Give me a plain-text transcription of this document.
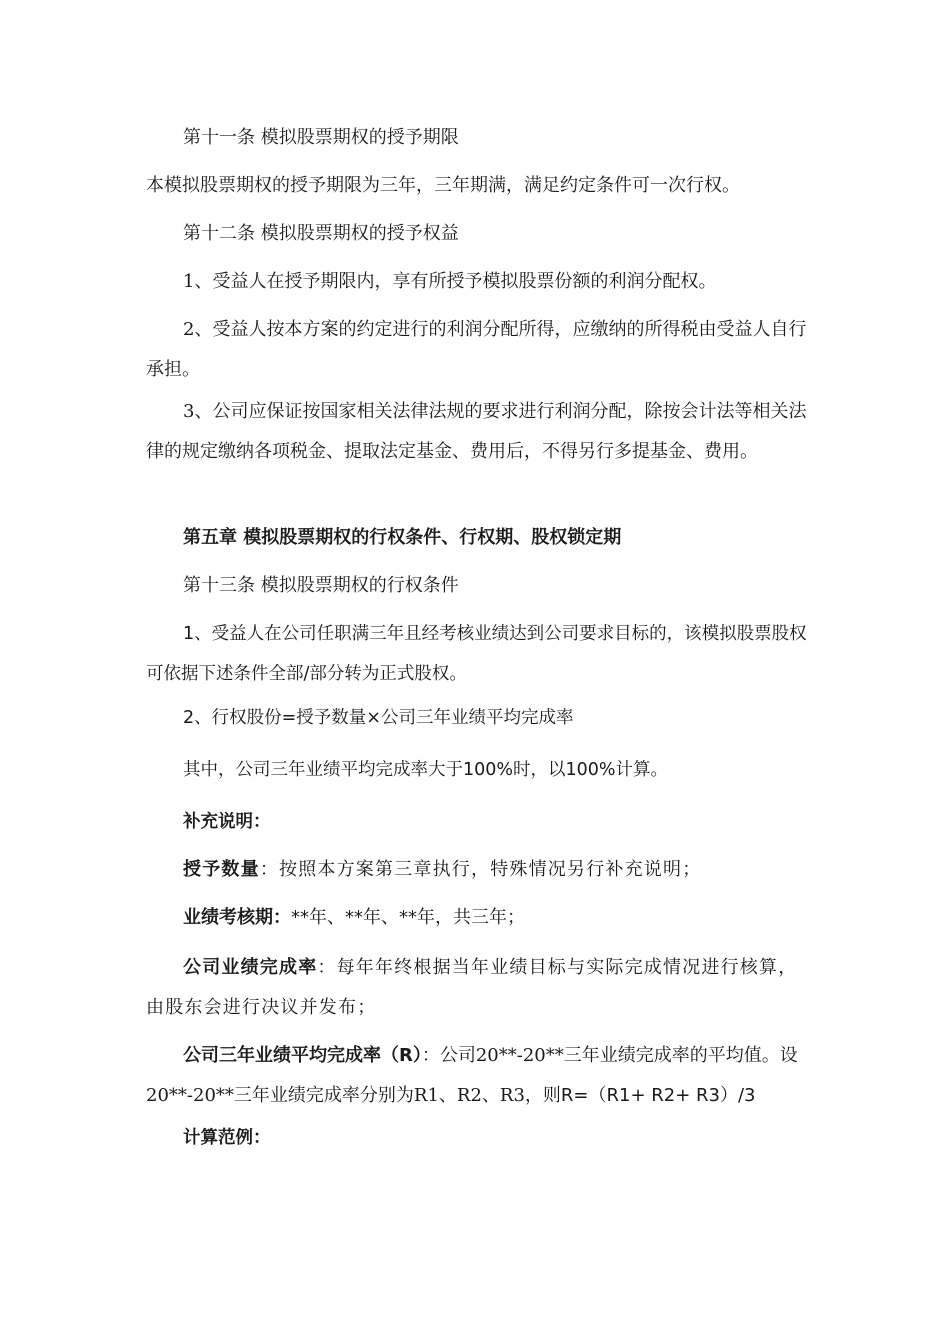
第十一条 模拟股票期权的授予期限

本模拟股票期权的授予期限为三年，三年期满，满足约定条件可一次行权。

第十二条 模拟股票期权的授予权益

1、受益人在授予期限内，享有所授予模拟股票份额的利润分配权。

2、受益人按本方案的约定进行的利润分配所得，应缴纳的所得税由受益人自行承担。

3、公司应保证按国家相关法律法规的要求进行利润分配，除按会计法等相关法律的规定缴纳各项税金、提取法定基金、费用后，不得另行多提基金、费用。

第五章 模拟股票期权的行权条件、行权期、股权锁定期

第十三条 模拟股票期权的行权条件

1、受益人在公司任职满三年且经考核业绩达到公司要求目标的，该模拟股票股权可依据下述条件全部/部分转为正式股权。

2、行权股份=授予数量×公司三年业绩平均完成率

其中，公司三年业绩平均完成率大于100%时，以100%计算。

补充说明：

授予数量：按照本方案第三章执行，特殊情况另行补充说明；

业绩考核期：**年、**年、**年，共三年；

公司业绩完成率：每年年终根据当年业绩目标与实际完成情况进行核算，由股东会进行决议并发布；

公司三年业绩平均完成率（R）：公司20**-20**三年业绩完成率的平均值。设20**-20**三年业绩完成率分别为R1、R2、R3，则R=（R1+ R2+ R3）/3

计算范例：
